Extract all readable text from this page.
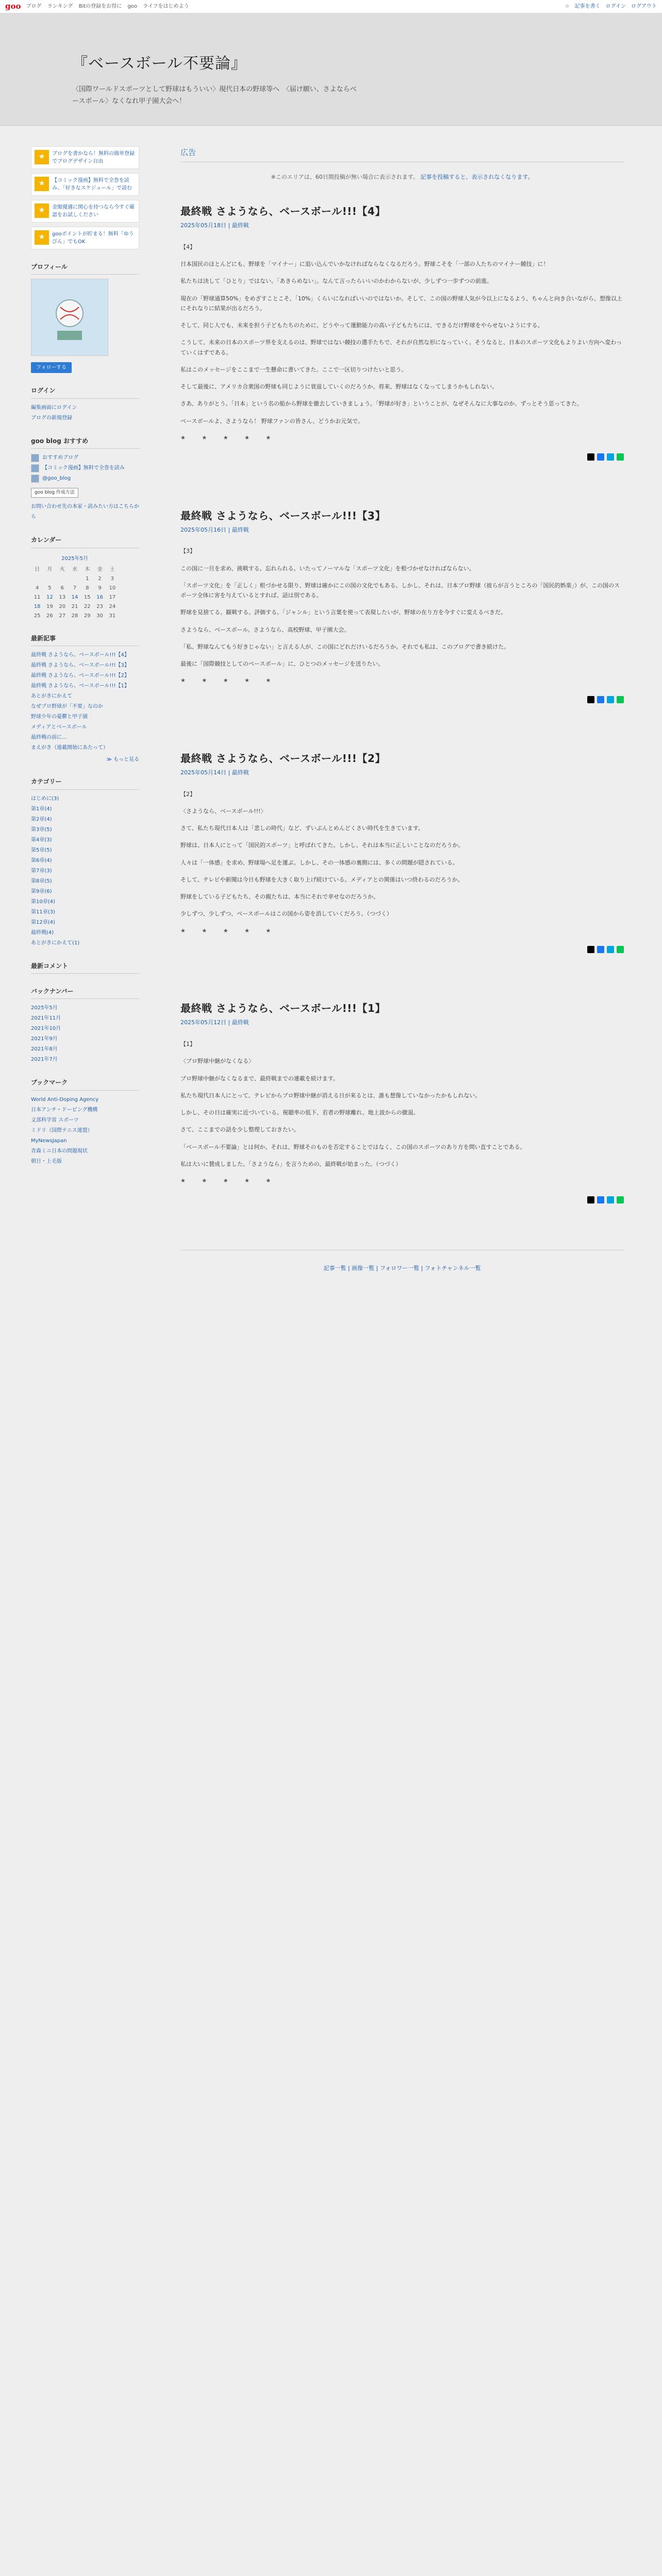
goo ブログ ランキング Bitの登録をお得に goo ライフをはじめよう	☆ 記事を書く ログイン ログアウト
『ベースボール不要論』
〈国際ワールドスポーツとして野球はもういい〉現代日本の野球等へ　〈届け願い、さよならベースボール〉なくなれ甲子園大会へ！
★	ブログを書かなら！無料の簡単登録でブログデザイン自由
★	【コミック漫画】無料で全巻を読み、「好きなスケジュール」で読む
★	金額優遇に関心を持つなら今すぐ確認をお試しください
★	gooポイントが貯まる！無料「ゆうびん」でもOK
プロフィール
フォローする
ログイン
編集画面にログイン
ブログの新規登録
goo blog おすすめ
おすすめブログ
【コミック漫画】無料で全巻を読み
@goo_blog
goo blog 作成方法
お問い合わせ先の本家・読みたい方はこちらから
カレンダー
2025年5月
日	月	火	水	木	金	土
				1	2	3
4	5	6	7	8	9	10
11	12	13	14	15	16	17
18	19	20	21	22	23	24
25	26	27	28	29	30	31
最新記事
最終戦 さようなら、ベースボール!!!【4】
最終戦 さようなら、ベースボール!!!【3】
最終戦 さようなら、ベースボール!!!【2】
最終戦 さようなら、ベースボール!!!【1】
あとがきにかえて
なぜプロ野球が「不要」なのか
野球少年の憂鬱と甲子園
メディアとベースボール
最終戦の前に…
まえがき（連載開始にあたって）
≫ もっと見る
カテゴリー
はじめに(3)
第1章(4)
第2章(4)
第3章(5)
第4章(3)
第5章(5)
第6章(4)
第7章(3)
第8章(5)
第9章(6)
第10章(4)
第11章(3)
第12章(4)
最終戦(4)
あとがきにかえて(1)
最新コメント
バックナンバー
2025年5月
2021年11月
2021年10月
2021年9月
2021年8月
2021年7月
ブックマーク
World Anti-Doping Agency
日本アンチ・ドーピング機構
文部科学省 スポーツ
ミドリ（国際テニス連盟）
MyNewsJapan
青森ミニ日本の問題現状
朝日・上毛版
広告
※このエリアは、60日間投稿が無い場合に表示されます。 記事を投稿すると、表示されなくなります。
最終戦 さようなら、ベースボール!!!【4】
2025年05月18日 | 最終戦
【4】
日本国民のほとんどにも、野球を「マイナー」に追い込んでいかなければならなくなるだろう。野球こそを「一部の人たちのマイナー競技」に！
私たちは決して「ひとり」ではない。「あきらめない」。なんて言ったらいいのかわからないが、少しずつ一歩ずつの前進。
現在の「野球通算50%」をめざすことこそ、「10%」くらいになればいいのではないか。そして、この国の野球人気が今以上になるよう、ちゃんと向き合いながら、想像以上にそれなりに結果が出るだろう。
そして、同じ人でも、未来を担う子どもたちのために、どうやって運動能力の高い子どもたちには、できるだけ野球をやらせないようにする。
こうして、未来の日本のスポーツ界を支えるのは、野球ではない競技の選手たちで、それが自然な形になっていく。そうなると、日本のスポーツ文化もよりよい方向へ変わっていくはずである。
私はこのメッセージをここまで一生懸命に書いてきた。ここで一区切りつけたいと思う。
そして最後に、アメリカ合衆国の野球も同じように衰退していくのだろうか。将来、野球はなくなってしまうかもしれない。
さあ、ありがとう。「日本」という名の船から野球を撤去していきましょう。「野球が好き」ということが、なぜそんなに大事なのか、ずっとそう思ってきた。
ベースボールよ、さようなら！ 野球ファンの皆さん、どうかお元気で。
★ ★ ★ ★ ★
最終戦 さようなら、ベースボール!!!【3】
2025年05月16日 | 最終戦
【3】
この国に一旦を求め、挑戦する。忘れられる。いたってノーマルな「スポーツ文化」を根づかせなければならない。
「スポーツ文化」を「正しく」根づかせる限り、野球は確かにこの国の文化でもある。しかし、それは、日本プロ野球（彼らが言うところの「国民的娯楽」）が、この国のスポーツ全体に害を与えているとすれば、話は別である。
野球を見捨てる。観戦する。評価する。「ジャンル」という言葉を使って表現したいが、野球の在り方を今すぐに変えるべきだ。
さようなら、ベースボール。さようなら、高校野球、甲子園大会。
「私、野球なんてもう好きじゃない」と言える人が、この国にどれだけいるだろうか。それでも私は、このブログで書き続けた。
最後に「国際競技としてのベースボール」に、ひとつのメッセージを送りたい。
★ ★ ★ ★ ★
最終戦 さようなら、ベースボール!!!【2】
2025年05月14日 | 最終戦
【2】
〈さようなら、ベースボール!!!〉
さて、私たち現代日本人は「悲しの時代」など、ずいぶんとめんどくさい時代を生きています。
野球は、日本人にとって「国民的スポーツ」と呼ばれてきた。しかし、それは本当に正しいことなのだろうか。
人々は「一体感」を求め、野球場へ足を運ぶ。しかし、その一体感の裏側には、多くの問題が隠されている。
そして、テレビや新聞は今日も野球を大きく取り上げ続けている。メディアとの関係はいつ終わるのだろうか。
野球をしている子どもたち、その親たちは、本当にそれで幸せなのだろうか。
少しずつ、少しずつ、ベースボールはこの国から姿を消していくだろう。（つづく）
★ ★ ★ ★ ★
最終戦 さようなら、ベースボール!!!【1】
2025年05月12日 | 最終戦
【1】
〈プロ野球中継がなくなる〉
プロ野球中継がなくなるまで、最終戦までの連載を続けます。
私たち現代日本人にとって、テレビからプロ野球中継が消える日が来るとは、誰も想像していなかったかもしれない。
しかし、その日は確実に近づいている。視聴率の低下、若者の野球離れ、地上波からの撤退。
さて、ここまでの話を少し整理しておきたい。
「ベースボール不要論」とは何か。それは、野球そのものを否定することではなく、この国のスポーツのあり方を問い直すことである。
私は大いに賛成しました。「さようなら」を言うための、最終戦が始まった。（つづく）
★ ★ ★ ★ ★
記事一覧 | 画像一覧 | フォロワー一覧 | フォトチャンネル一覧
